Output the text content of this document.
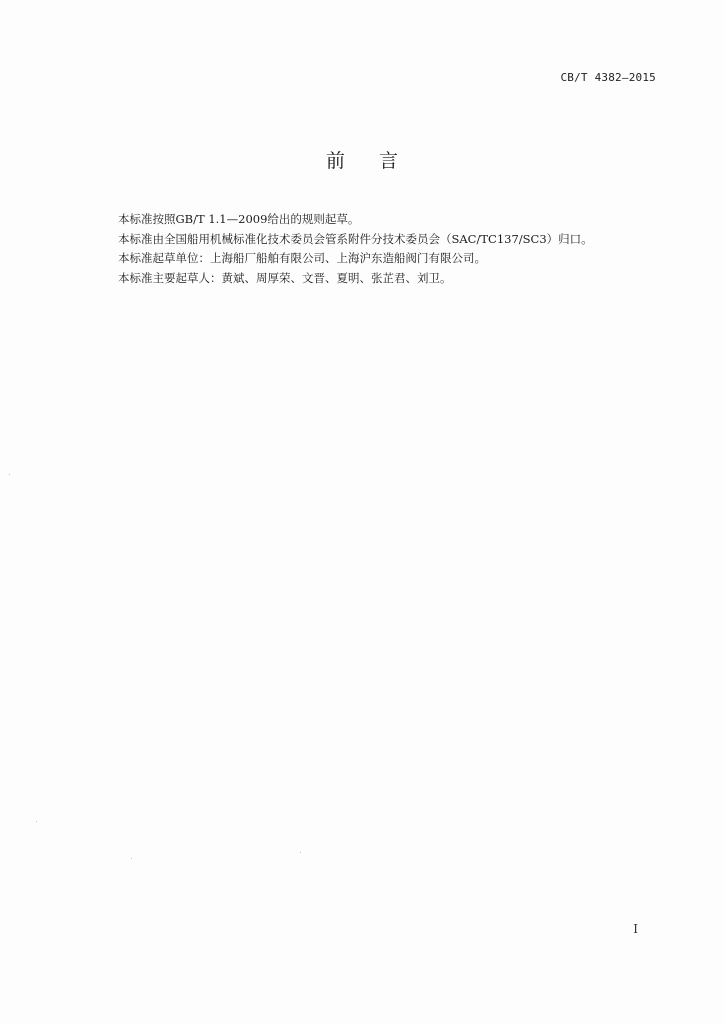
CB/T 4382—2015
前言

本标准按照GB/T 1.1—2009给出的规则起草。

本标准由全国船用机械标准化技术委员会管系附件分技术委员会（SAC/TC137/SC3）归口。

本标准起草单位：上海船厂船舶有限公司、上海沪东造船阀门有限公司。

本标准主要起草人：黄斌、周厚荣、文晋、夏明、张芷君、刘卫。

I
